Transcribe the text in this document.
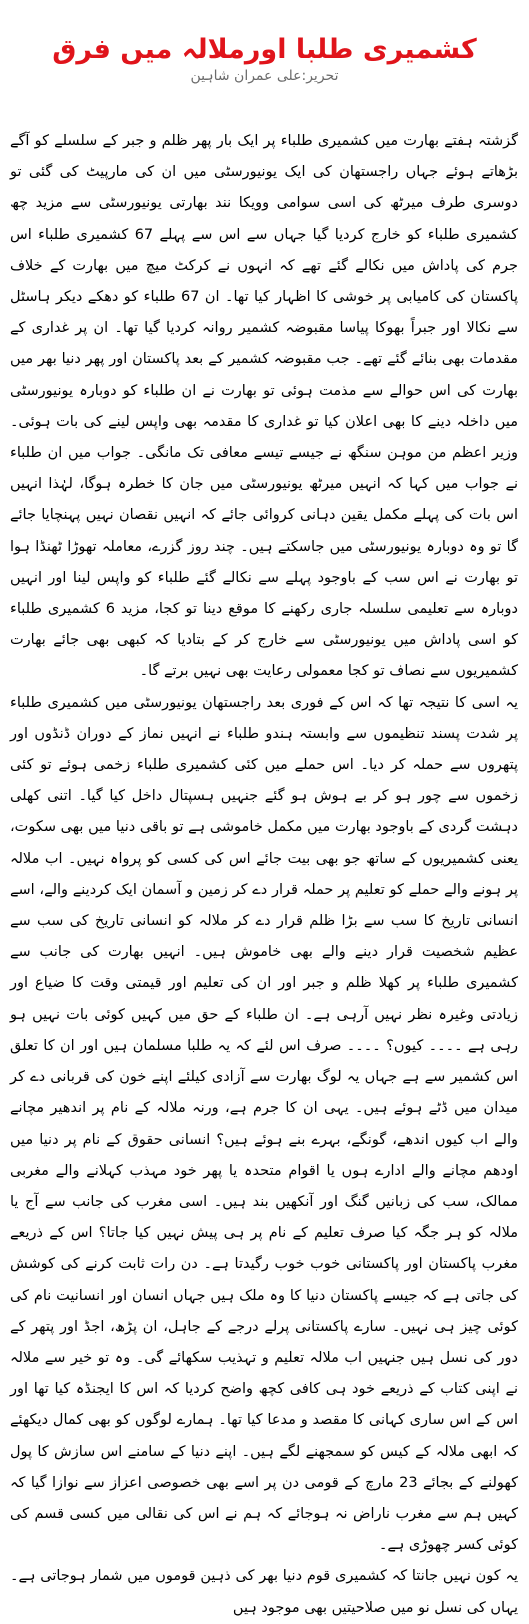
کشمیری طلبا اورملالہ میں فرق
تحریر:علی عمران شاہین

گزشتہ ہفتے بھارت میں کشمیری طلباء پر ایک بار پھر ظلم و جبر کے سلسلے کو آگے بڑھاتے ہوئے جہاں راجستھان کی ایک یونیورسٹی میں ان کی مارپیٹ کی گئی تو دوسری طرف میرٹھ کی اسی سوامی وویکا نند بھارتی یونیورسٹی سے مزید چھ کشمیری طلباء کو خارج کردیا گیا جہاں سے اس سے پہلے 67 کشمیری طلباء اس جرم کی پاداش میں نکالے گئے تھے کہ انہوں نے کرکٹ میچ میں بھارت کے خلاف پاکستان کی کامیابی پر خوشی کا اظہار کیا تھا۔ ان 67 طلباء کو دھکے دیکر ہاسٹل سے نکالا اور جبراً بھوکا پیاسا مقبوضہ کشمیر روانہ کردیا گیا تھا۔ ان پر غداری کے مقدمات بھی بنائے گئے تھے۔ جب مقبوضہ کشمیر کے بعد پاکستان اور پھر دنیا بھر میں بھارت کی اس حوالے سے مذمت ہوئی تو بھارت نے ان طلباء کو دوبارہ یونیورسٹی میں داخلہ دینے کا بھی اعلان کیا تو غداری کا مقدمہ بھی واپس لینے کی بات ہوئی۔ وزیر اعظم من موہن سنگھ نے جیسے تیسے معافی تک مانگی۔ جواب میں ان طلباء نے جواب میں کہا کہ انہیں میرٹھ یونیورسٹی میں جان کا خطرہ ہوگا، لہٰذا انہیں اس بات کی پہلے مکمل یقین دہانی کروائی جائے کہ انہیں نقصان نہیں پہنچایا جائے گا تو وہ دوبارہ یونیورسٹی میں جاسکتے ہیں۔ چند روز گزرے، معاملہ تھوڑا ٹھنڈا ہوا تو بھارت نے اس سب کے باوجود پہلے سے نکالے گئے طلباء کو واپس لینا اور انہیں دوبارہ سے تعلیمی سلسلہ جاری رکھنے کا موقع دینا تو کجا، مزید 6 کشمیری طلباء کو اسی پاداش میں یونیورسٹی سے خارج کر کے بتادیا کہ کبھی بھی جائے بھارت کشمیریوں سے نصاف تو کجا معمولی رعایت بھی نہیں برتے گا۔

یہ اسی کا نتیجہ تھا کہ اس کے فوری بعد راجستھان یونیورسٹی میں کشمیری طلباء پر شدت پسند تنظیموں سے وابستہ ہندو طلباء نے انہیں نماز کے دوران ڈنڈوں اور پتھروں سے حملہ کر دیا۔ اس حملے میں کئی کشمیری طلباء زخمی ہوئے تو کئی زخموں سے چور ہو کر بے ہوش ہو گئے جنہیں ہسپتال داخل کیا گیا۔ اتنی کھلی دہشت گردی کے باوجود بھارت میں مکمل خاموشی ہے تو باقی دنیا میں بھی سکوت، یعنی کشمیریوں کے ساتھ جو بھی بیت جائے اس کی کسی کو پرواہ نہیں۔ اب ملالہ پر ہونے والے حملے کو تعلیم پر حملہ قرار دے کر زمین و آسمان ایک کردینے والے، اسے انسانی تاریخ کا سب سے بڑا ظلم قرار دے کر ملالہ کو انسانی تاریخ کی سب سے عظیم شخصیت قرار دینے والے بھی خاموش ہیں۔ انہیں بھارت کی جانب سے کشمیری طلباء پر کھلا ظلم و جبر اور ان کی تعلیم اور قیمتی وقت کا ضیاع اور زیادتی وغیرہ نظر نہیں آرہی ہے۔ ان طلباء کے حق میں کہیں کوئی بات نہیں ہو رہی ہے ۔۔۔۔ کیوں؟ ۔۔۔۔ صرف اس لئے کہ یہ طلبا مسلمان ہیں اور ان کا تعلق اس کشمیر سے ہے جہاں یہ لوگ بھارت سے آزادی کیلئے اپنے خون کی قربانی دے کر میدان میں ڈٹے ہوئے ہیں۔ یہی ان کا جرم ہے، ورنہ ملالہ کے نام پر اندھیر مچانے والے اب کیوں اندھے، گونگے، بہرے بنے ہوئے ہیں؟ انسانی حقوق کے نام پر دنیا میں اودھم مچانے والے ادارے ہوں یا اقوام متحدہ یا پھر خود مہذب کہلانے والے مغربی ممالک، سب کی زبانیں گنگ اور آنکھیں بند ہیں۔ اسی مغرب کی جانب سے آج یا ملالہ کو ہر جگہ کیا صرف تعلیم کے نام پر ہی پیش نہیں کیا جاتا؟ اس کے ذریعے مغرب پاکستان اور پاکستانی خوب خوب رگیدتا ہے۔ دن رات ثابت کرنے کی کوشش کی جاتی ہے کہ جیسے پاکستان دنیا کا وہ ملک ہیں جہاں انسان اور انسانیت نام کی کوئی چیز ہی نہیں۔ سارے پاکستانی پرلے درجے کے جاہل، ان پڑھ، اجڈ اور پتھر کے دور کی نسل ہیں جنہیں اب ملالہ تعلیم و تہذیب سکھائے گی۔ وہ تو خیر سے ملالہ نے اپنی کتاب کے ذریعے خود ہی کافی کچھ واضح کردیا کہ اس کا ایجنڈہ کیا تھا اور اس کے اس ساری کہانی کا مقصد و مدعا کیا تھا۔ ہمارے لوگوں کو بھی کمال دیکھئے کہ ابھی ملالہ کے کیس کو سمجھنے لگے ہیں۔ اپنے دنیا کے سامنے اس سازش کا پول کھولنے کے بجائے 23 مارچ کے قومی دن پر اسے بھی خصوصی اعزاز سے نوازا گیا کہ کہیں ہم سے مغرب ناراض نہ ہوجائے کہ ہم نے اس کی نقالی میں کسی قسم کی کوئی کسر چھوڑی ہے۔

یہ کون نہیں جانتا کہ کشمیری قوم دنیا بھر کی ذہین قوموں میں شمار ہوجاتی ہے۔ یہاں کی نسل نو میں صلاحیتیں بھی موجود ہیں
